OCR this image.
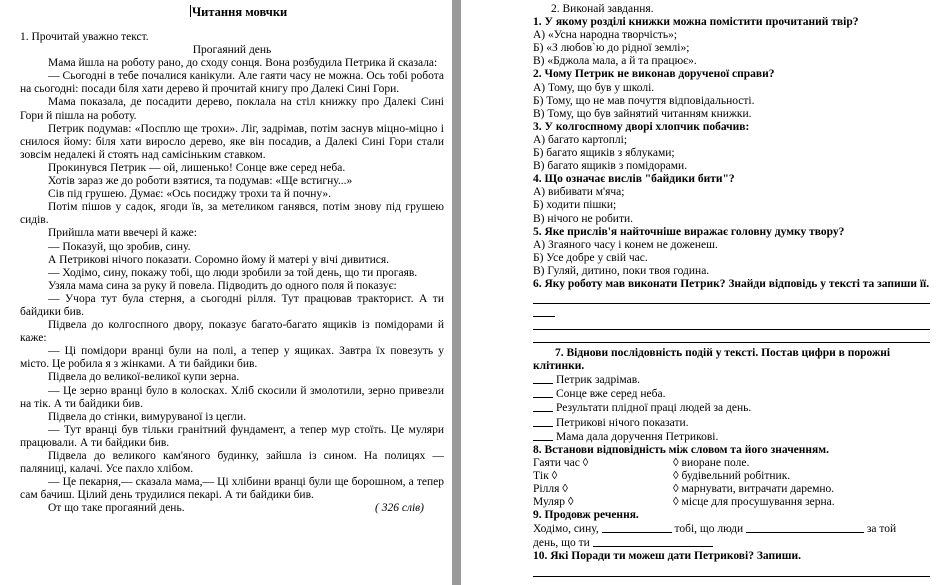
Читання мовчки

1. Прочитай уважно текст.

Прогаяний день

Мама йшла на роботу рано, до сходу сонця. Вона розбудила Петрика й сказала:

— Сьогодні в тебе почалися канікули. Але гаяти часу не можна. Ось тобі робота на сьогодні: посади біля хати дерево й прочитай книгу про Далекі Сині Гори.

Мама показала, де посадити дерево, поклала на стіл книжку про Далекі Сині Гори й пішла на роботу.

Петрик подумав: «Посплю ще трохи». Ліг, задрімав, потім заснув міцно-міцно і снилося йому: біля хати виросло дерево, яке він посадив, а Далекі Сині Гори стали зовсім недалекі й стоять над самісіньким ставком.

Прокинувся Петрик — ой, лишенько! Сонце вже серед неба.

Хотів зараз же до роботи взятися, та подумав: «Ще встигну...»

Сів під грушею. Думає: «Ось посиджу трохи та й почну».

Потім пішов у садок, ягоди їв, за метеликом ганявся, потім знову під грушею сидів.

Прийшла мати ввечері й каже:

— Показуй, що зробив, сину.

А Петрикові нічого показати. Соромно йому й матері у вічі дивитися.

— Ходімо, сину, покажу тобі, що люди зробили за той день, що ти прогаяв.

Узяла мама сина за руку й повела. Підводить до одного поля й показує:

— Учора тут була стерня, а сьогодні рілля. Тут працював тракторист. А ти байдики бив.

Підвела до колгоспного двору, показує багато-багато ящиків із помідорами й каже:

— Ці помідори вранці були на полі, а тепер у ящиках. Завтра їх повезуть у місто. Це робила я з жінками. А ти байдики бив.

Підвела до великої-великої купи зерна.

— Це зерно вранці було в колосках. Хліб скосили й змолотили, зерно привезли на тік. А ти байдики бив.

Підвела до стінки, вимуруваної із цегли.

— Тут вранці був тільки гранітний фундамент, а тепер мур стоїть. Це муляри працювали. А ти байдики бив.

Підвела до великого кам'яного будинку, зайшла із сином. На полицях — паляниці, калачі. Усе пахло хлібом.

— Це пекарня,— сказала мама,— Ці хлібини вранці були ще борошном, а тепер сам бачиш. Цілий день трудилися пекарі. А ти байдики бив.

От що таке прогаяний день.	( 326 слів)

2. Виконай завдання.

1. У якому розділі книжки можна помістити прочитаний твір?

А) «Усна народна творчість»;

Б) «З любов`ю до рідної землі»;

В) «Бджола мала, а й та працює».

2. Чому Петрик не виконав дорученої справи?

А) Тому, що був у школі.

Б) Тому, що не мав почуття відповідальності.

В) Тому, що був зайнятий читанням книжки.

3. У колгоспному дворі хлопчик побачив:

А) багато картоплі;

Б) багато ящиків з яблуками;

В) багато ящиків з помідорами.

4. Що означає вислів "байдики бити"?

А) вибивати м'яча;

Б) ходити пішки;

В) нічого не робити.

5. Яке прислів'я найточніше виражає головну думку твору?

А) Згаяного часу і конем не доженеш.

Б) Усе добре у свій час.

В) Гуляй, дитино, поки твоя година.

6. Яку роботу мав виконати Петрик? Знайди відповідь у тексті та запиши її.

7. Віднови послідовність подій у тексті. Постав цифри в порожні клітинки.

Петрик задрімав.

Сонце вже серед неба.

Результати плідної праці людей за день.

Петрикові нічого показати.

Мама дала доручення Петрикові.

8. Встанови відповідність між словом та його значенням.

Гаяти час ◊	◊ виоране поле.
Тік ◊	◊ будівельний робітник.
Рілля ◊	◊ марнувати, витрачати даремно.
Муляр ◊	◊ місце для просушування зерна.

9. Продовж речення.

Ходімо, сину,	тобі, що люди	за той

день, що ти

10. Які Поради ти можеш дати Петрикові? Запиши.
